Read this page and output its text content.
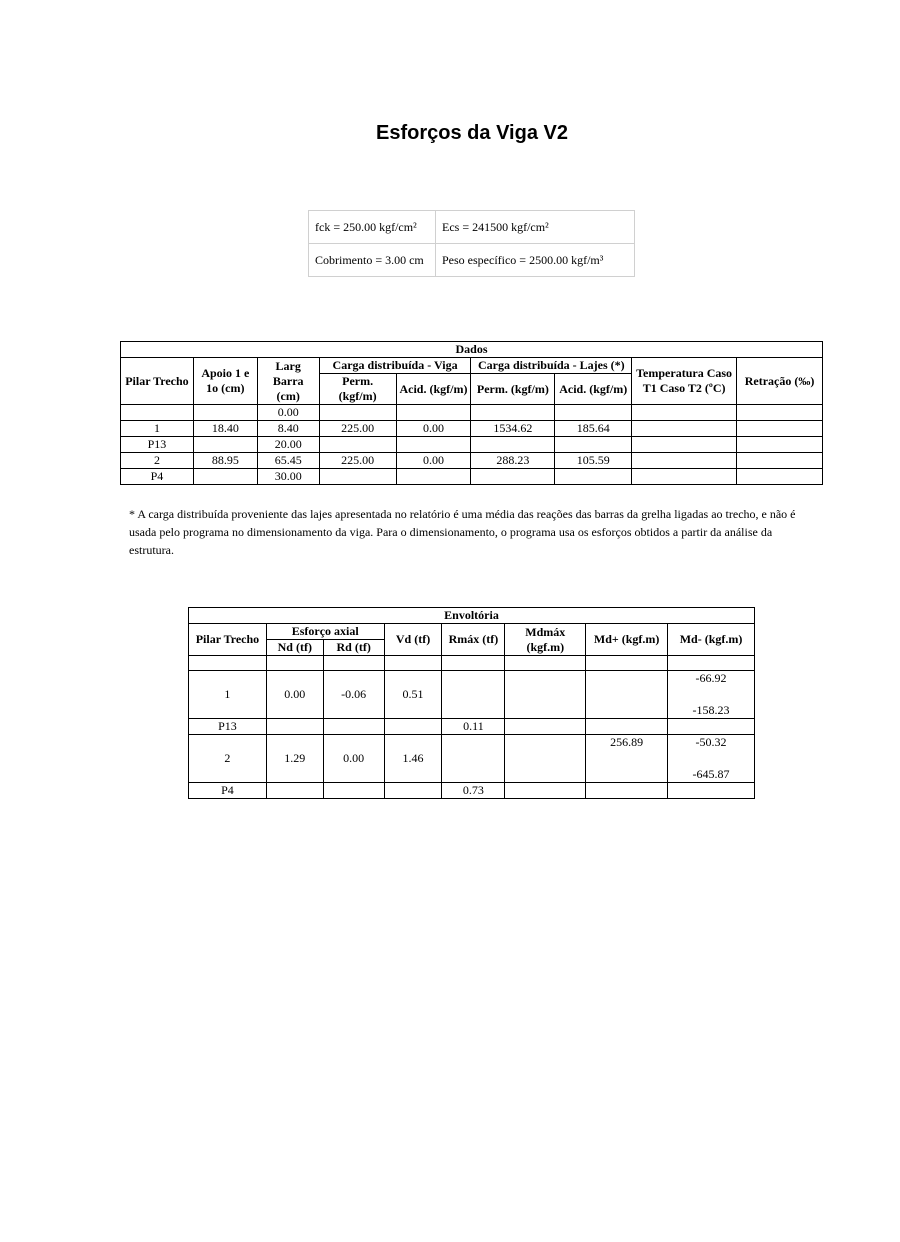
Esforços da Viga V2
fck = 250.00 kgf/cm²	Ecs = 241500 kgf/cm²
Cobrimento = 3.00 cm	Peso específico = 2500.00 kgf/m³
Dados								
Pilar Trecho	Apoio 1 e 1o (cm)	Larg Barra (cm)	Carga distribuída - Viga		Carga distribuída - Lajes (*)		Temperatura Caso T1 Caso T2 (ºC)	Retração (‰)
			Perm. (kgf/m)	Acid. (kgf/m)	Perm. (kgf/m)	Acid. (kgf/m)		
		0.00						
1	18.40	8.40	225.00	0.00	1534.62	185.64		
P13		20.00						
2	88.95	65.45	225.00	0.00	288.23	105.59		
P4		30.00						
* A carga distribuída proveniente das lajes apresentada no relatório é uma média das reações das barras da grelha ligadas ao trecho, e não é usada pelo programa no dimensionamento da viga. Para o dimensionamento, o programa usa os esforços obtidos a partir da análise da estrutura.
Envoltória							
Pilar Trecho	Esforço axial		Vd (tf)	Rmáx (tf)	Mdmáx (kgf.m)	Md+ (kgf.m)	Md- (kgf.m)
	Nd (tf)	Rd (tf)					

1	0.00	-0.06	0.51				-66.92
-158.23

P13				0.11			
2	1.29	0.00	1.46			256.89	-50.32
-645.87

P4				0.73			
